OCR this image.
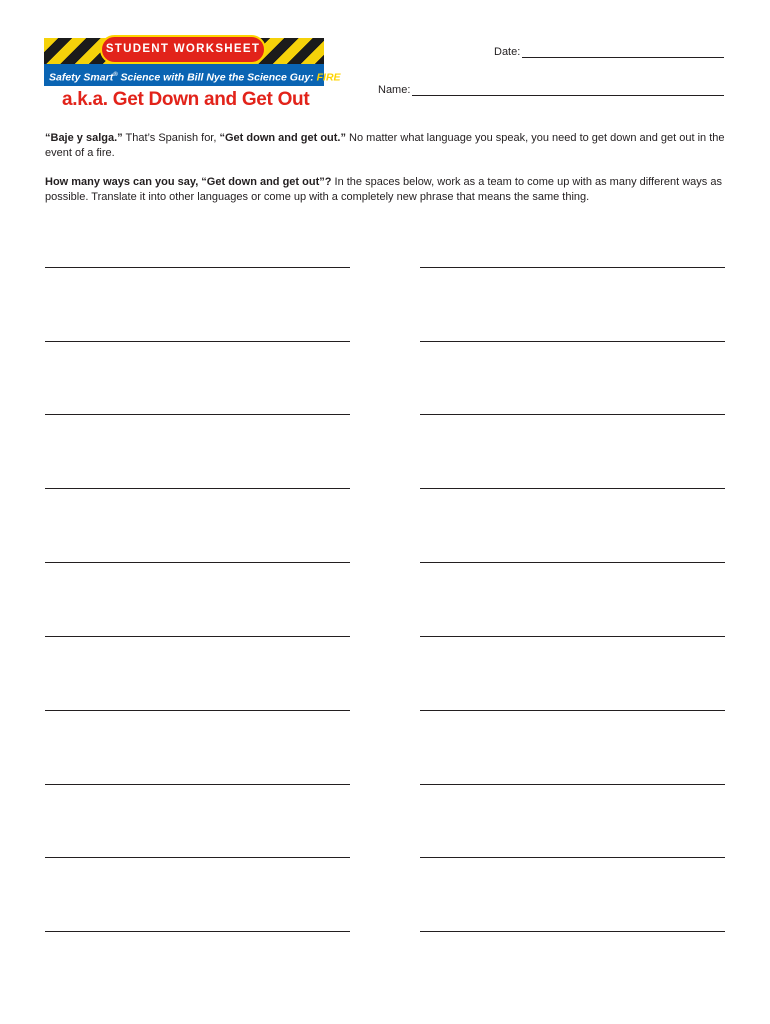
STUDENT WORKSHEET
Safety Smart® Science with Bill Nye the Science Guy: FIRE
a.k.a. Get Down and Get Out
Date:
Name:

“Baje y salga.” That’s Spanish for, “Get down and get out.” No matter what language you speak, you need to get down and get out in the event of a fire.

How many ways can you say, “Get down and get out”? In the spaces below, work as a team to come up with as many different ways as possible. Translate it into other languages or come up with a completely new phrase that means the same thing.
